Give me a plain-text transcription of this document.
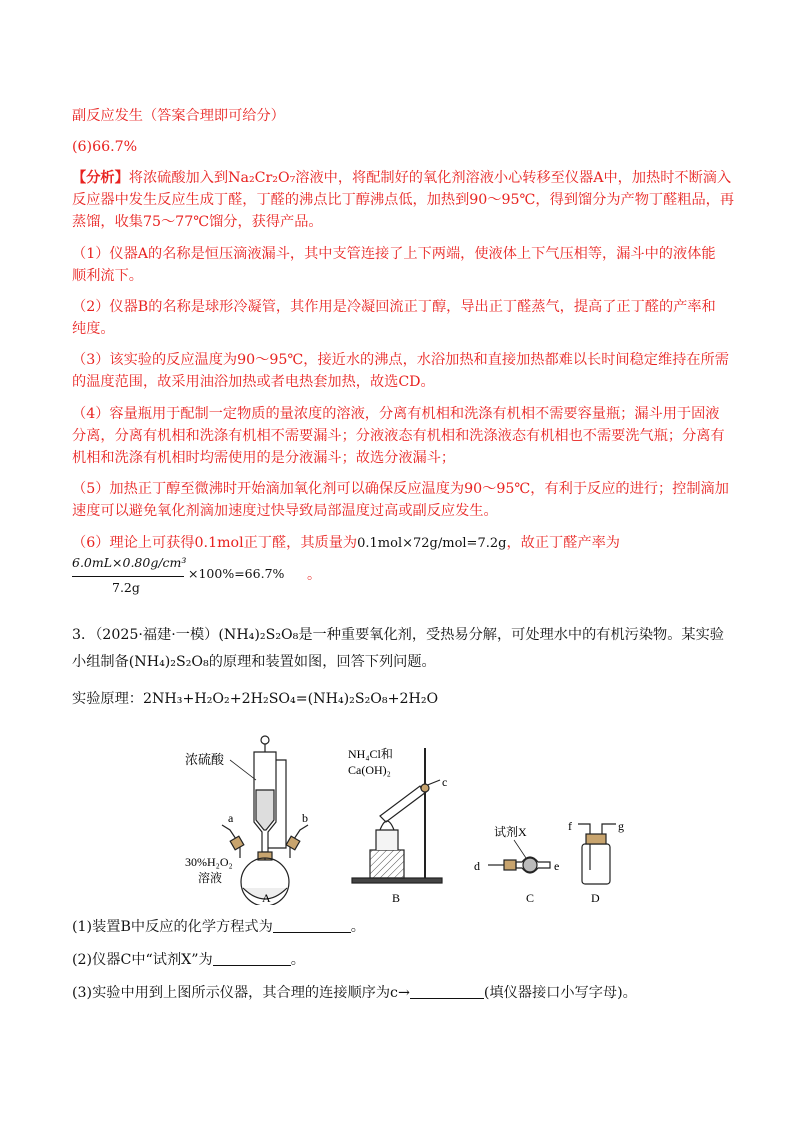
副反应发生（答案合理即可给分）
(6)66.7%
【分析】将浓硫酸加入到Na₂Cr₂O₇溶液中，将配制好的氧化剂溶液小心转移至仪器A中，加热时不断滴入
反应器中发生反应生成丁醛，丁醛的沸点比丁醇沸点低，加热到90～95℃，得到馏分为产物丁醛粗品，再
蒸馏，收集75～77℃馏分，获得产品。
（1）仪器A的名称是恒压滴液漏斗，其中支管连接了上下两端，使液体上下气压相等，漏斗中的液体能
顺利流下。
（2）仪器B的名称是球形冷凝管，其作用是冷凝回流正丁醇，导出正丁醛蒸气，提高了正丁醛的产率和
纯度。
（3）该实验的反应温度为90～95℃，接近水的沸点，水浴加热和直接加热都难以长时间稳定维持在所需
的温度范围，故采用油浴加热或者电热套加热，故选CD。
（4）容量瓶用于配制一定物质的量浓度的溶液，分离有机相和洗涤有机相不需要容量瓶；漏斗用于固液
分离，分离有机相和洗涤有机相不需要漏斗；分液液态有机相和洗涤液态有机相也不需要洗气瓶；分离有
机相和洗涤有机相时均需使用的是分液漏斗；故选分液漏斗；
（5）加热正丁醇至微沸时开始滴加氧化剂可以确保反应温度为90～95℃，有利于反应的进行；控制滴加
速度可以避免氧化剂滴加速度过快导致局部温度过高或副反应发生。
（6）理论上可获得0.1mol正丁醛，其质量为0.1mol×72g/mol=7.2g，故正丁醛产率为
6.0mL×0.80g/cm³
7.2g
×100%=66.7% 。
3．（2025·福建·一模）(NH₄)₂S₂O₈是一种重要氧化剂，受热易分解，可处理水中的有机污染物。某实验
小组制备(NH₄)₂S₂O₈的原理和装置如图，回答下列问题。
实验原理：2NH₃+H₂O₂+2H₂SO₄=(NH₄)₂S₂O₈+2H₂O
浓硫酸
a	b
30%H₂O₂
溶液
A
c
NH₄Cl和
Ca(OH)₂
B
试剂X
d	e
C
f	g
D
(1)装置B中反应的化学方程式为	。
(2)仪器C中“试剂X”为	。
(3)实验中用到上图所示仪器，其合理的连接顺序为c→	(填仪器接口小写字母)。
